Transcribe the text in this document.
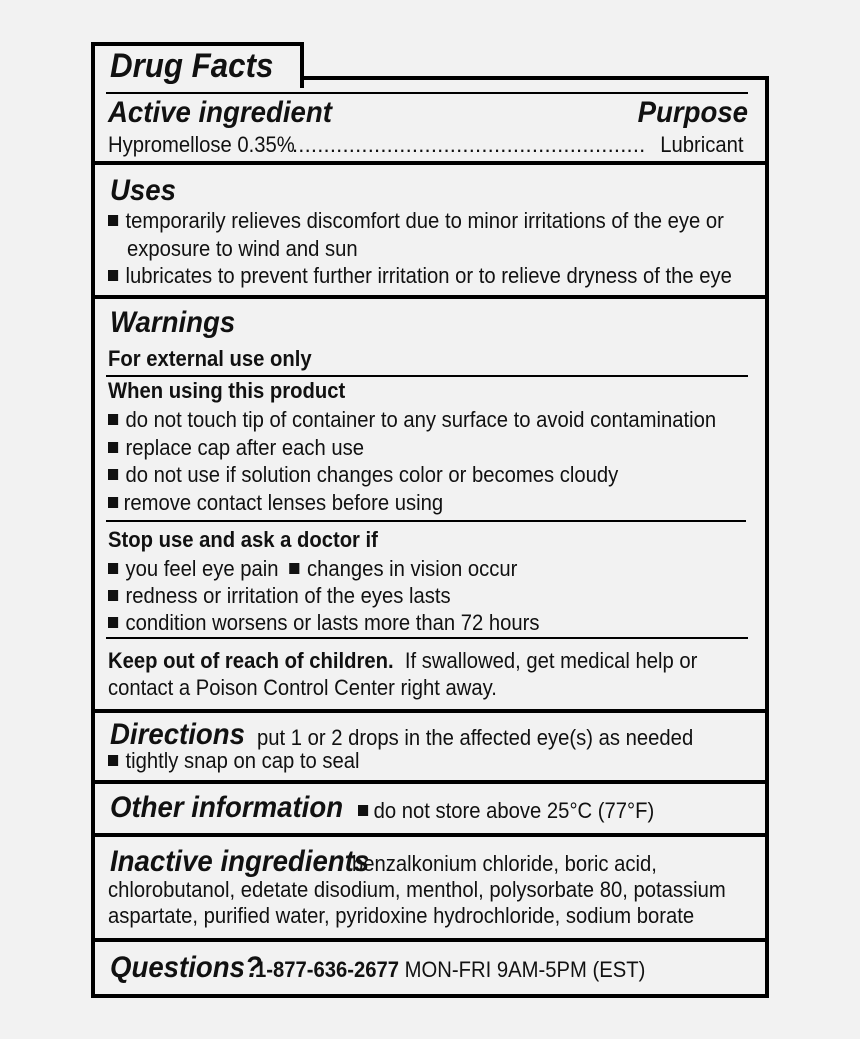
Drug Facts
Active ingredient	Purpose
Hypromellose 0.35%
........................................................ Lubricant
Uses

temporarily relieves discomfort due to minor irritations of the eye or

exposure to wind and sun

lubricates to prevent further irritation or to relieve dryness of the eye

Warnings

For external use only

When using this product

do not touch tip of container to any surface to avoid contamination

replace cap after each use

do not use if solution changes color or becomes cloudy

remove contact lenses before using

Stop use and ask a doctor if

you feel eye pain changes in vision occur

redness or irritation of the eyes lasts

condition worsens or lasts more than 72 hours

Keep out of reach of children. If swallowed, get medical help or

contact a Poison Control Center right away.

Directions put 1 or 2 drops in the affected eye(s) as needed

tightly snap on cap to seal

Other information	do not store above 25°C (77°F)

Inactive ingredients

benzalkonium chloride, boric acid,

chlorobutanol, edetate disodium, menthol, polysorbate 80, potassium

aspartate, purified water, pyridoxine hydrochloride, sodium borate

Questions?

1-877-636-2677 MON-FRI 9AM-5PM (EST)
